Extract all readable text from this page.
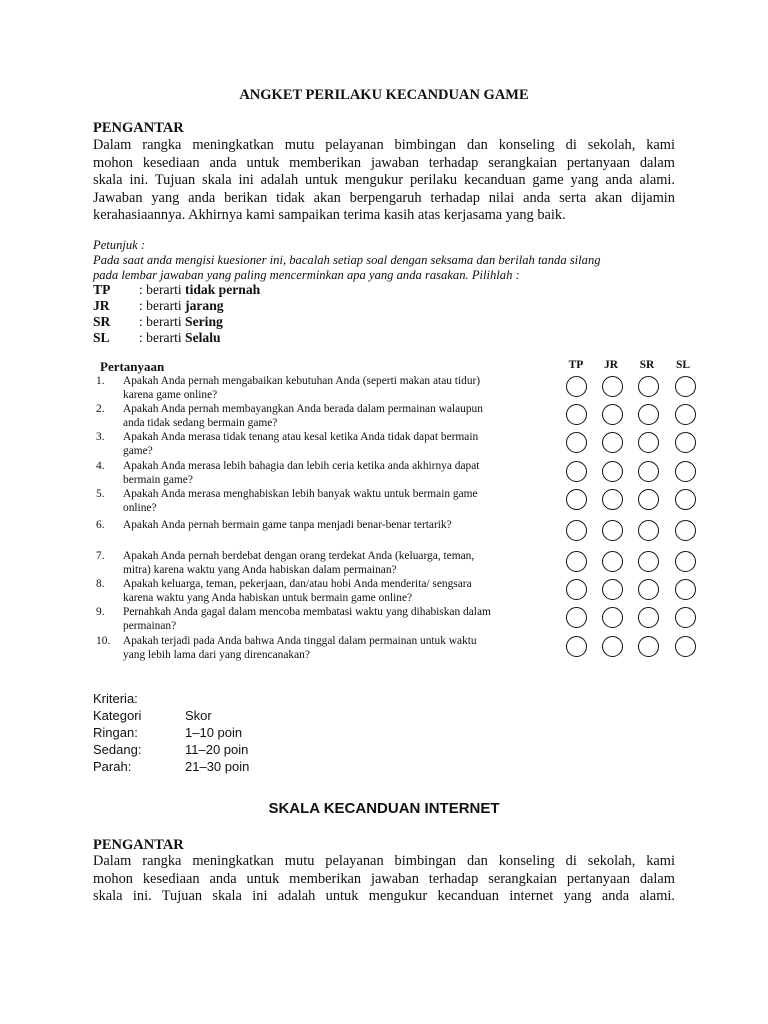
ANGKET PERILAKU KECANDUAN GAME
PENGANTAR
Dalam rangka meningkatkan mutu pelayanan bimbingan dan konseling di sekolah, kami
mohon kesediaan anda untuk memberikan jawaban terhadap serangkaian pertanyaan dalam
skala ini. Tujuan skala ini adalah untuk mengukur perilaku kecanduan game yang anda alami.
Jawaban yang anda berikan tidak akan berpengaruh terhadap nilai anda serta akan dijamin
kerahasiaannya. Akhirnya kami sampaikan terima kasih atas kerjasama yang baik.
Petunjuk :
Pada saat anda mengisi kuesioner ini, bacalah setiap soal dengan seksama dan berilah tanda silang
pada lembar jawaban yang paling mencerminkan apa yang anda rasakan. Pilihlah :
TP	: berarti tidak pernah
JR	: berarti jarang
SR	: berarti Sering
SL	: berarti Selalu
Pertanyaan	TP	JR	SR	SL
1.	Apakah Anda pernah mengabaikan kebutuhan Anda (seperti makan atau tidur)
karena game online?
2.	Apakah Anda pernah membayangkan Anda berada dalam permainan walaupun
anda tidak sedang bermain game?
3.	Apakah Anda merasa tidak tenang atau kesal ketika Anda tidak dapat bermain
game?
4.	Apakah Anda merasa lebih bahagia dan lebih ceria ketika anda akhirnya dapat
bermain game?
5.	Apakah Anda merasa menghabiskan lebih banyak waktu untuk bermain game
online?
6.	Apakah Anda pernah bermain game tanpa menjadi benar-benar tertarik?
7.	Apakah Anda pernah berdebat dengan orang terdekat Anda (keluarga, teman,
mitra) karena waktu yang Anda habiskan dalam permainan?
8.	Apakah keluarga, teman, pekerjaan, dan/atau hobi Anda menderita/ sengsara
karena waktu yang Anda habiskan untuk bermain game online?
9.	Pernahkah Anda gagal dalam mencoba membatasi waktu yang dihabiskan dalam
permainan?
10.	Apakah terjadi pada Anda bahwa Anda tinggal dalam permainan untuk waktu
yang lebih lama dari yang direncanakan?
Kriteria:
Kategori	Skor
Ringan:	1–10 poin
Sedang:	11–20 poin
Parah:	21–30 poin
SKALA KECANDUAN INTERNET
PENGANTAR
Dalam rangka meningkatkan mutu pelayanan bimbingan dan konseling di sekolah, kami
mohon kesediaan anda untuk memberikan jawaban terhadap serangkaian pertanyaan dalam
skala ini. Tujuan skala ini adalah untuk mengukur kecanduan internet yang anda alami.
